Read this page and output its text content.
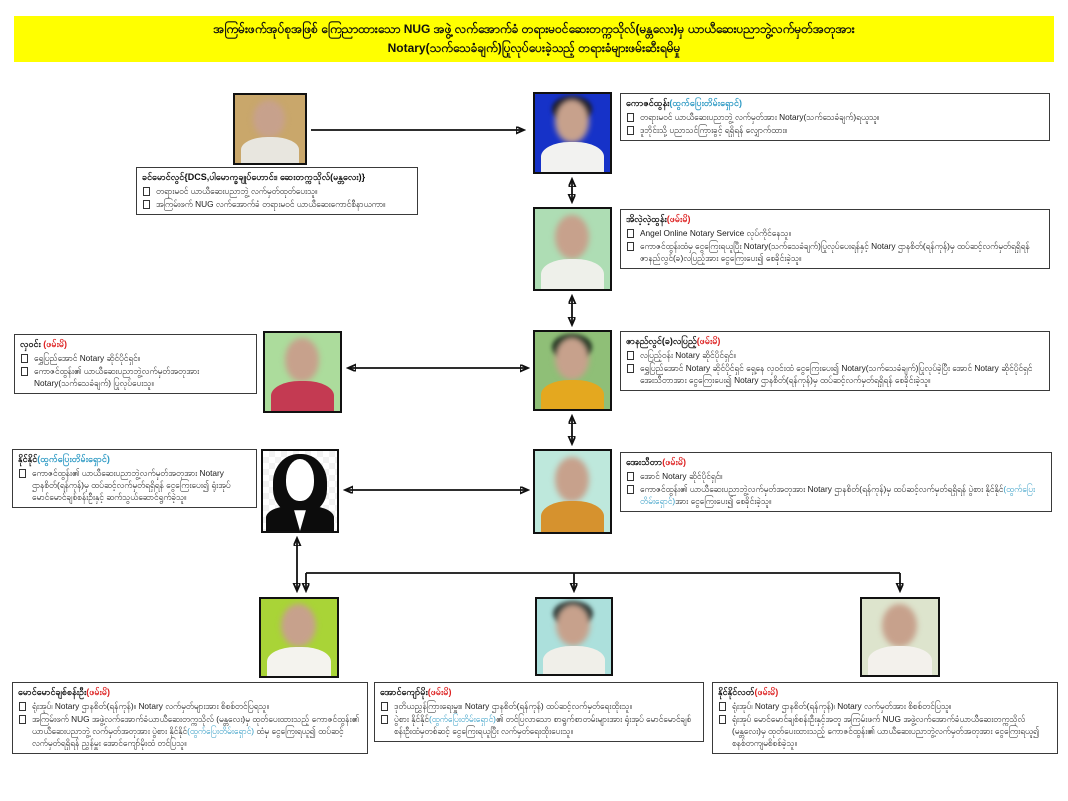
အကြမ်းဖက်အုပ်စုအဖြစ် ကြေညာထားသော NUG အဖွဲ့ လက်အောက်ခံ တရားမဝင်ဆေးတက္ကသိုလ်(မန္တလေး)မှ ယာယီဆေးပညာဘွဲ့လက်မှတ်အတုအား
Notary(သက်သေခံချက်)ပြုလုပ်ပေးခဲ့သည့် တရားခံများဖမ်းဆီးရမိမှု
ခင်မောင်လွင်{DCS,ပါမောက္ခချုပ်ဟောင်း၊ ဆေးတက္ကသိုလ်(မန္တလေး)}
တရားမဝင် ယာယီဆေးပညာဘွဲ့ လက်မှတ်ထုတ်ပေးသူ။
အကြမ်းဖက် NUG လက်အောက်ခံ တရားမဝင် ယာယီဆေးကောင်စီနာယကာ။
ကောဇင်ထွန်း(ထွက်ပြေးတိမ်းရှောင်)
တရားမဝင် ယာယီဆေးပညာဘွဲ့ လက်မှတ်အား Notary(သက်သေခံချက်)ရယူသူ။
ဒူဘိုင်းသို့ ပညာသင်ကြားခွင့် ရရှိရန် လျှောက်ထား။
အိလဲ့လဲ့ထွန်း(ဖမ်းမိ)
Angel Online Notary Service လုပ်ကိုင်နေသူ။
ကောဇင်ထွန်းထံမှ ငွေကြေးရယူပြီး Notary(သက်သေခံချက်)ပြုလုပ်ပေးရန်နှင့် Notary ဌာနစိတ်(ရန်ကုန်)မှ ထပ်ဆင့်လက်မှတ်ရရှိရန် ဇာနည်လွင်(ခ)လပြည့်အား ငွေကြေးပေး၍ စေခိုင်းခဲ့သူ။
ဇာနည်လွင်(ခ)လပြည့်(ဖမ်းမိ)
လပြည့်ဝန်း Notary ဆိုင်ပိုင်ရှင်။
ရွှေပြည်အောင် Notary ဆိုင်ပိုင်ရှင် ရှေ့နေ လှဝင်းထံ ငွေကြေးပေး၍ Notary(သက်သေခံချက်)ပြုလုပ်ခဲ့ပြီး အောင် Notary ဆိုင်ပိုင်ရှင် အေးသီတာအား ငွေကြေးပေး၍ Notary ဌာနစိတ်(ရန်ကုန်)မှ ထပ်ဆင့်လက်မှတ်ရရှိရန် စေခိုင်းခဲ့သူ။
လှဝင်း (ဖမ်းမိ)
ရွှေပြည်အောင် Notary ဆိုင်ပိုင်ရှင်။
ကောဇင်ထွန်း၏ ယာယီဆေးပညာဘွဲ့လက်မှတ်အတုအား Notary(သက်သေခံချက်) ပြုလုပ်ပေးသူ။
နိုင်နိုင်(ထွက်ပြေးတိမ်းရှောင်)
ကောဇင်ထွန်း၏ ယာယီဆေးပညာဘွဲ့လက်မှတ်အတုအား Notary ဌာနစိတ်(ရန်ကုန်)မှ ထပ်ဆင့်လက်မှတ်ရရှိရန် ငွေကြေးပေး၍ ရုံးအုပ် မောင်မောင်ချစ်စန်းဦးနှင့် ဆက်သွယ်ဆောင်ရွက်ခဲ့သူ။
အေးသီတာ(ဖမ်းမိ)
အောင် Notary ဆိုင်ပိုင်ရှင်။
ကောဇင်ထွန်း၏ ယာယီဆေးပညာဘွဲ့လက်မှတ်အတုအား Notary ဌာနစိတ်(ရန်ကုန်)မှ ထပ်ဆင့်လက်မှတ်ရရှိရန် ပွဲစား နိုင်နိုင်(ထွက်ပြေးတိမ်းရှောင်)အား ငွေကြေးပေး၍ စေခိုင်းခဲ့သူ။
မောင်မောင်ချစ်စန်းဦး(ဖမ်းမိ)
ရုံးအုပ်၊ Notary ဌာနစိတ်(ရန်ကုန်)။ Notary လက်မှတ်များအား စိစစ်တင်ပြရသူ။
အကြမ်းဖက် NUG အဖွဲ့လက်အောက်ခံယာယီဆေးတက္ကသိုလ် (မန္တလေး)မှ ထုတ်ပေးထားသည့် ကောဇင်ထွန်း၏ ယာယီဆေးပညာဘွဲ့ လက်မှတ်အတုအား ပွဲစား နိုင်နိုင်(ထွက်ပြေးတိမ်းရှောင်) ထံမှ ငွေကြေးရယူ၍ ထပ်ဆင့်လက်မှတ်ရရှိရန် ညွှန်မှူး အောင်ကျော်မိုးထံ တင်ပြသူ။
အောင်ကျော်မိုး(ဖမ်းမိ)
ဒုတိယညွှန်ကြားရေးမှူး။ Notary ဌာနစိတ်(ရန်ကုန်) ထပ်ဆင့်လက်မှတ်ရေးထိုးသူ။
ပွဲစား နိုင်နိုင်(ထွက်ပြေးတိမ်းရှောင်)၏ တင်ပြလာသော စာရွက်စာတမ်းများအား ရုံးအုပ် မောင်မောင်ချစ်စန်းဦးထံမှတစ်ဆင့် ငွေကြေးရယူပြီး လက်မှတ်ရေးထိုးပေးသူ။
နိုင်နိုင်လတ်(ဖမ်းမိ)
ရုံးအုပ်၊ Notary ဌာနစိတ်(ရန်ကုန်)၊ Notary လက်မှတ်အား စိစစ်တင်ပြသူ။
ရုံးအုပ် မောင်မောင်ချစ်စန်းဦးနှင့်အတူ အကြမ်းဖက် NUG အဖွဲ့လက်အောက်ခံယာယီဆေးတက္ကသိုလ် (မန္တလေး)မှ ထုတ်ပေးထားသည့် ကောဇင်ထွန်း၏ ယာယီဆေးပညာဘွဲ့လက်မှတ်အတုအား ငွေကြေးရယူ၍ စနစ်တကျမစိစစ်ခဲ့သူ။
